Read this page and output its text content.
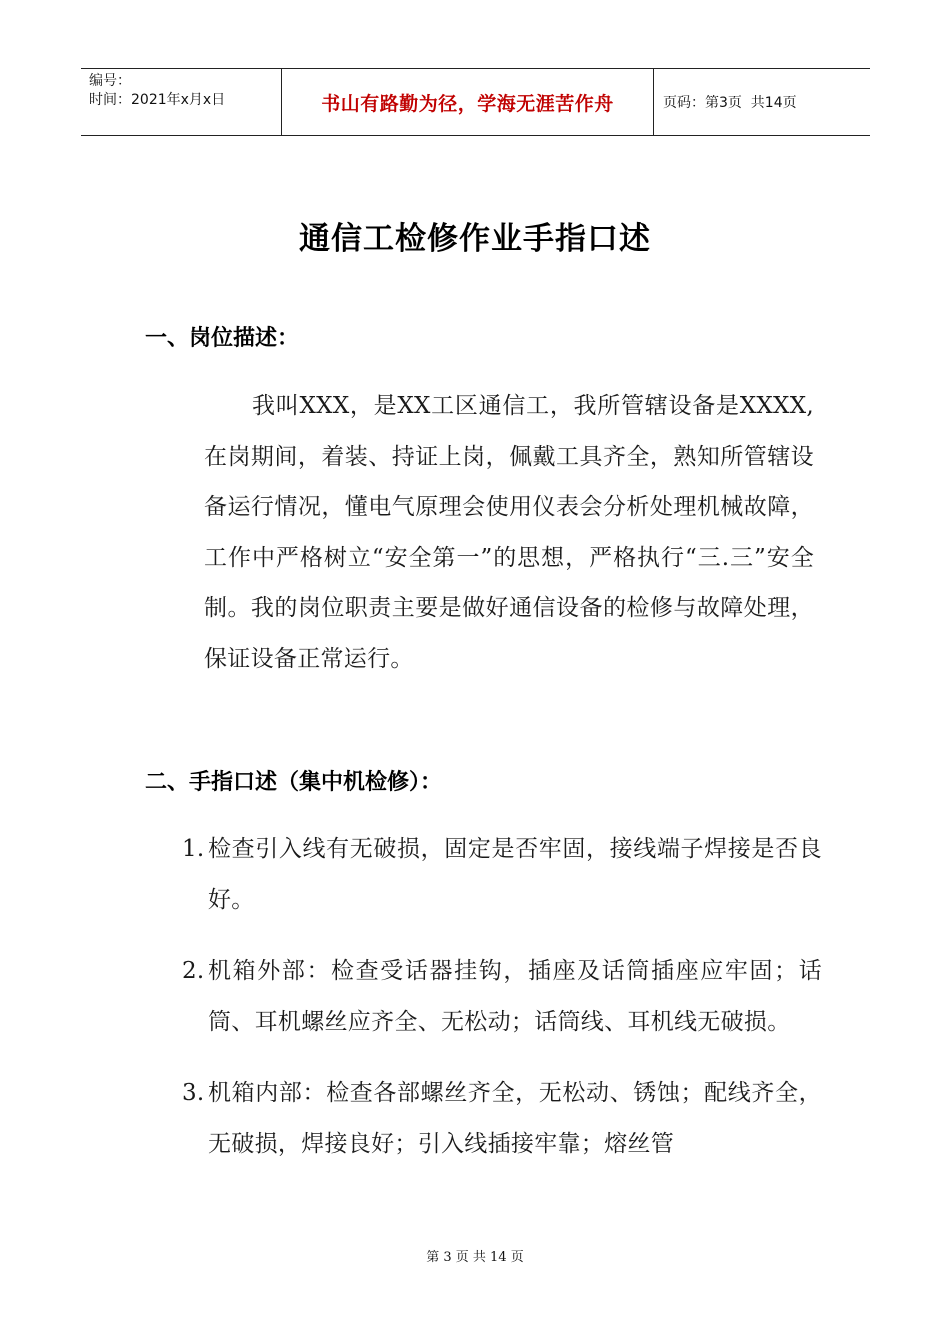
编号：
时间：2021年x月x日	书山有路勤为径，学海无涯苦作舟	页码：第3页  共14页
通信工检修作业手指口述
一、岗位描述：
我叫XXX，是XX工区通信工，我所管辖设备是XXXX, 在岗期间，着装、持证上岗，佩戴工具齐全，熟知所管辖设备运行情况，懂电气原理会使用仪表会分析处理机械故障，工作中严格树立“安全第一”的思想，严格执行“三.三”安全制。我的岗位职责主要是做好通信设备的检修与故障处理，保证设备正常运行。
二、手指口述（集中机检修）：
1. 检查引入线有无破损，固定是否牢固，接线端子焊接是否良好。
2. 机箱外部：检查受话器挂钩，插座及话筒插座应牢固；话筒、耳机螺丝应齐全、无松动；话筒线、耳机线无破损。
3. 机箱内部：检查各部螺丝齐全，无松动、锈蚀；配线齐全，无破损，焊接良好；引入线插接牢靠；熔丝管
第 3 页 共 14 页
